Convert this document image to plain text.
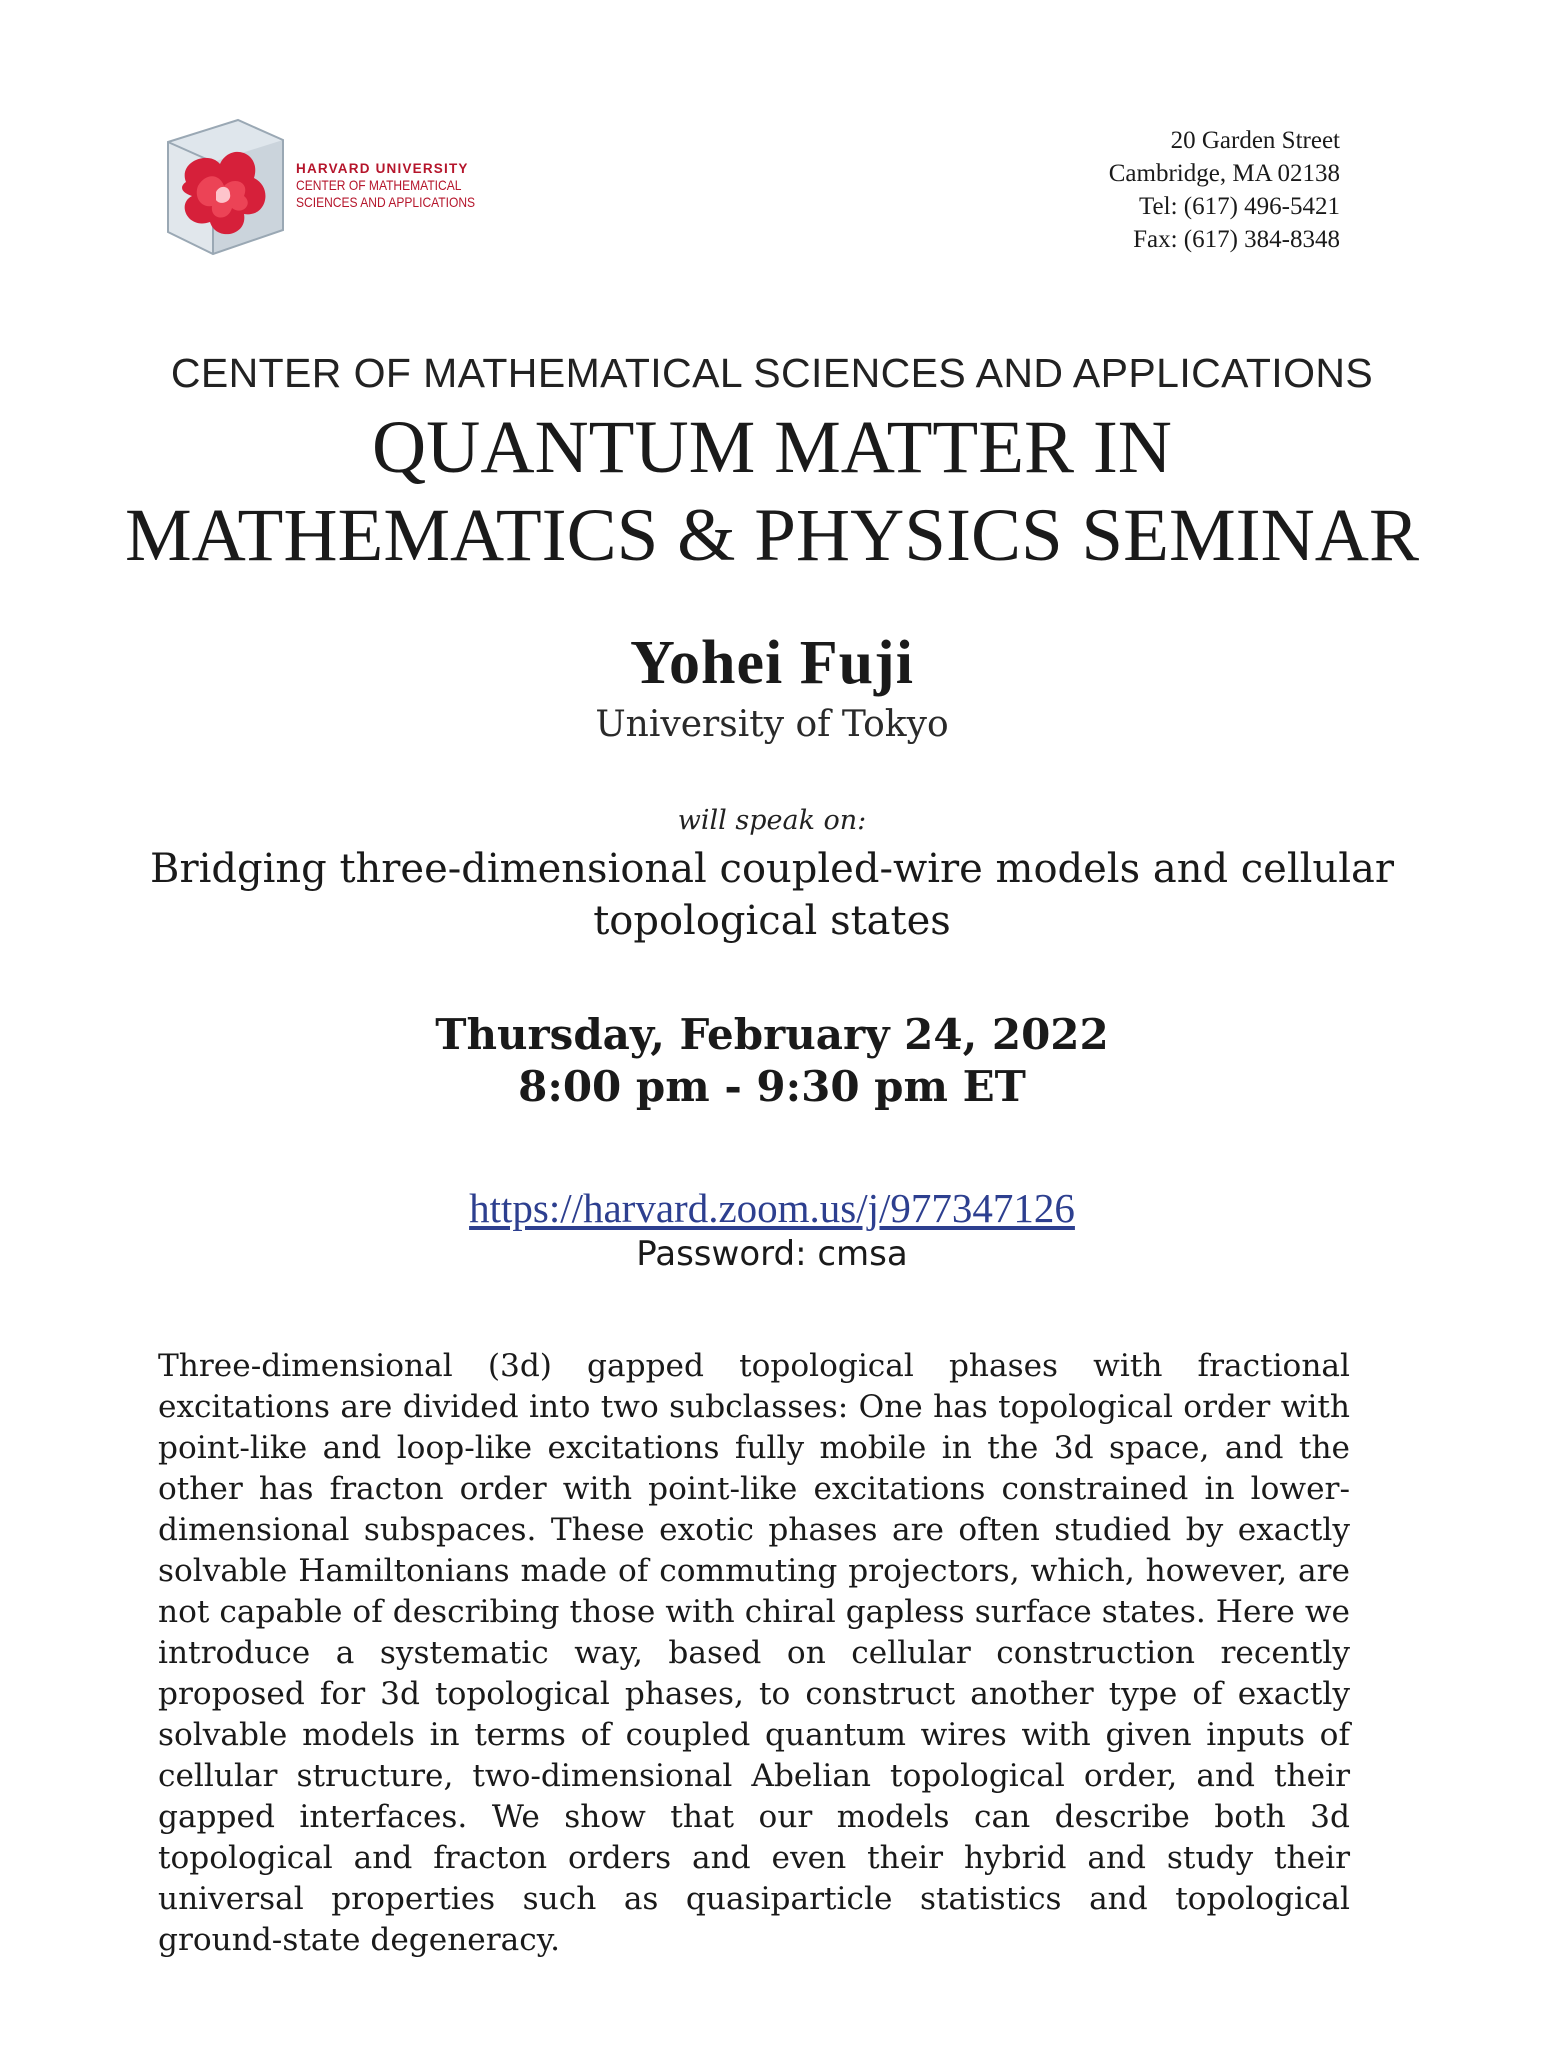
HARVARD UNIVERSITY
CENTER OF MATHEMATICAL
SCIENCES AND APPLICATIONS
20 Garden Street
Cambridge, MA 02138
Tel: (617) 496-5421
Fax: (617) 384-8348
CENTER OF MATHEMATICAL SCIENCES AND APPLICATIONS
QUANTUM MATTER IN
MATHEMATICS & PHYSICS SEMINAR
Yohei Fuji
University of Tokyo
will speak on:
Bridging three-dimensional coupled-wire models and cellular
topological states
Thursday, February 24, 2022
8:00 pm - 9:30 pm ET
https://harvard.zoom.us/j/977347126
Password: cmsa

Three-dimensional (3d) gapped topological phases with fractional excitations are divided into two subclasses: One has topological order with point-like and loop-like excitations fully mobile in the 3d space, and the other has fracton order with point-like excitations constrained in lower-dimensional subspaces. These exotic phases are often studied by exactly solvable Hamiltonians made of commuting projectors, which, however, are not capable of describing those with chiral gapless surface states. Here we introduce a systematic way, based on cellular construction recently proposed for 3d topological phases, to construct another type of exactly solvable models in terms of coupled quantum wires with given inputs of cellular structure, two-dimensional Abelian topological order, and their gapped interfaces. We show that our models can describe both 3d topological and fracton orders and even their hybrid and study their universal properties such as quasiparticle statistics and topological ground-state degeneracy.
